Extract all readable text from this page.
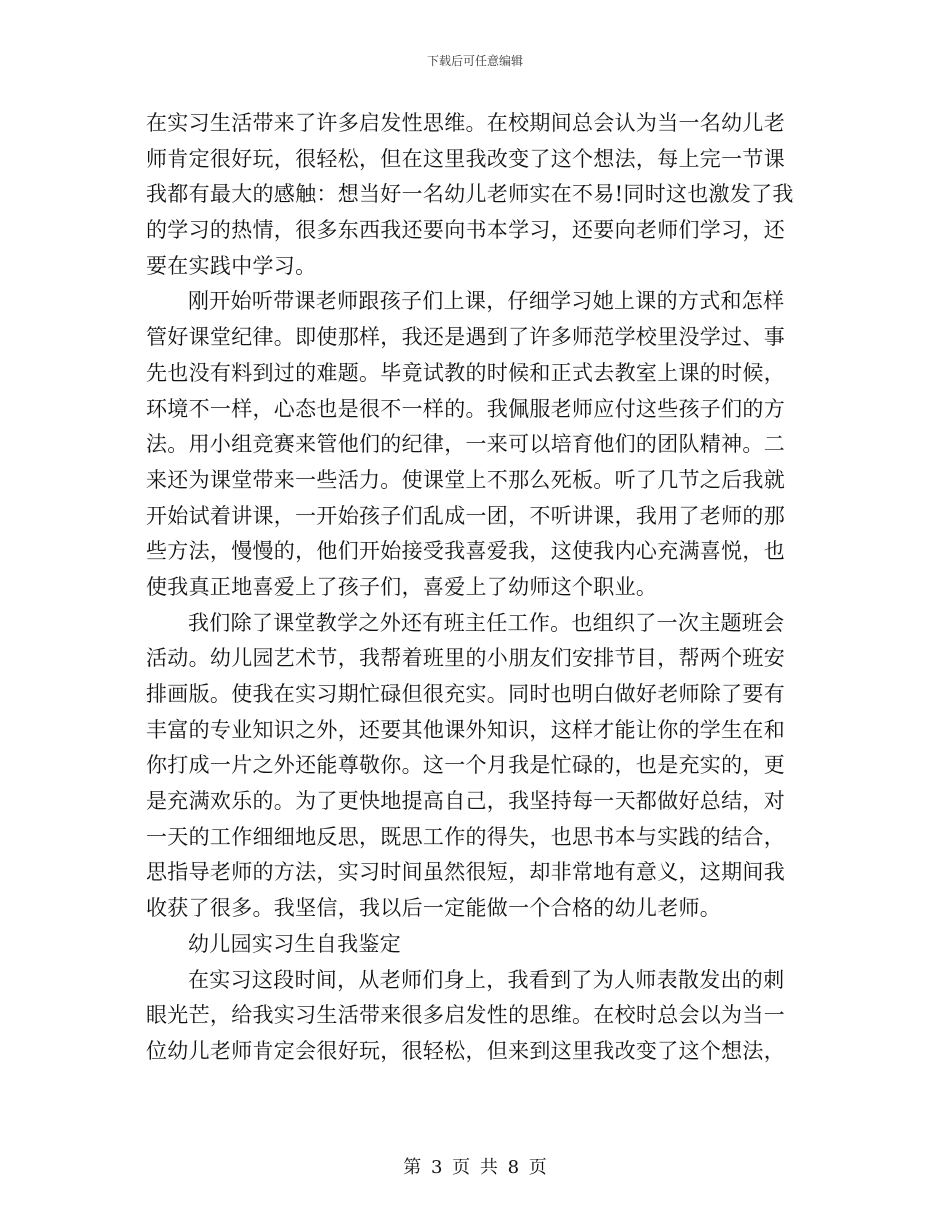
下载后可任意编辑
在实习生活带来了许多启发性思维。在校期间总会认为当一名幼儿老
师肯定很好玩，很轻松，但在这里我改变了这个想法，每上完一节课
我都有最大的感触：想当好一名幼儿老师实在不易!同时这也激发了我
的学习的热情，很多东西我还要向书本学习，还要向老师们学习，还
要在实践中学习。
刚开始听带课老师跟孩子们上课，仔细学习她上课的方式和怎样
管好课堂纪律。即使那样，我还是遇到了许多师范学校里没学过、事
先也没有料到过的难题。毕竟试教的时候和正式去教室上课的时候，
环境不一样，心态也是很不一样的。我佩服老师应付这些孩子们的方
法。用小组竞赛来管他们的纪律，一来可以培育他们的团队精神。二
来还为课堂带来一些活力。使课堂上不那么死板。听了几节之后我就
开始试着讲课，一开始孩子们乱成一团，不听讲课，我用了老师的那
些方法，慢慢的，他们开始接受我喜爱我，这使我内心充满喜悦，也
使我真正地喜爱上了孩子们，喜爱上了幼师这个职业。
我们除了课堂教学之外还有班主任工作。也组织了一次主题班会
活动。幼儿园艺术节，我帮着班里的小朋友们安排节目，帮两个班安
排画版。使我在实习期忙碌但很充实。同时也明白做好老师除了要有
丰富的专业知识之外，还要其他课外知识，这样才能让你的学生在和
你打成一片之外还能尊敬你。这一个月我是忙碌的，也是充实的，更
是充满欢乐的。为了更快地提高自己，我坚持每一天都做好总结，对
一天的工作细细地反思，既思工作的得失，也思书本与实践的结合，
思指导老师的方法，实习时间虽然很短，却非常地有意义，这期间我
收获了很多。我坚信，我以后一定能做一个合格的幼儿老师。
幼儿园实习生自我鉴定
在实习这段时间，从老师们身上，我看到了为人师表散发出的刺
眼光芒，给我实习生活带来很多启发性的思维。在校时总会以为当一
位幼儿老师肯定会很好玩，很轻松，但来到这里我改变了这个想法，
第 3 页 共 8 页
